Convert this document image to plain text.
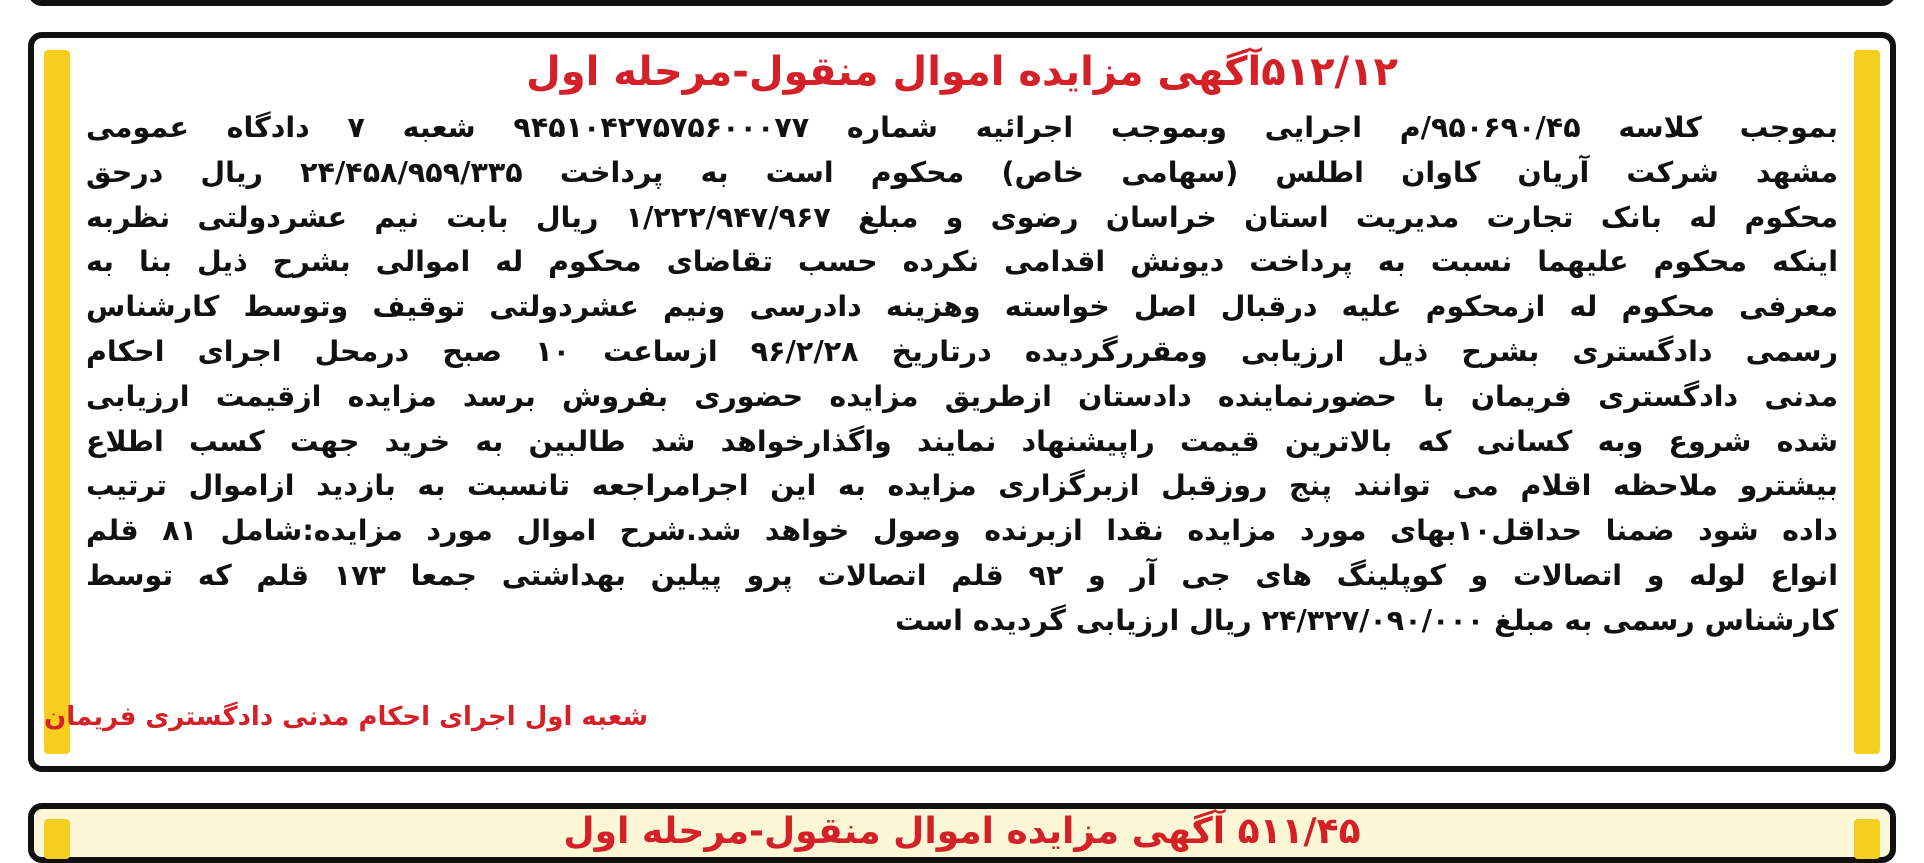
۵۱۲/۱۲آگهی مزایده اموال منقول-مرحله اول
بموجب کلاسه ۹۵۰۶۹۰/۴۵/م اجرایی وبموجب اجرائیه شماره ۹۴۵۱۰۴۲۷۵۷۵۶۰۰۰۷۷ شعبه ۷ دادگاه عمومی
مشهد شرکت آریان کاوان اطلس (سهامی خاص) محکوم است به پرداخت ۲۴/۴۵۸/۹۵۹/۳۳۵ ریال درحق
محکوم له بانک تجارت مدیریت استان خراسان رضوی و مبلغ ۱/۲۲۲/۹۴۷/۹۶۷ ریال بابت نیم عشردولتی نظربه
اینکه محکوم علیهما نسبت به پرداخت دیونش اقدامی نکرده حسب تقاضای محکوم له اموالی بشرح ذیل بنا به
معرفی محکوم له ازمحکوم علیه درقبال اصل خواسته وهزینه دادرسی ونیم عشردولتی توقیف وتوسط کارشناس
رسمی دادگستری بشرح ذیل ارزیابی ومقررگردیده درتاریخ ۹۶/۲/۲۸ ازساعت ۱۰ صبح درمحل اجرای احکام
مدنی دادگستری فریمان با حضورنماینده دادستان ازطریق مزایده حضوری بفروش برسد مزایده ازقیمت ارزیابی
شده شروع وبه کسانی که بالاترین قیمت راپیشنهاد نمایند واگذارخواهد شد طالبین به خرید جهت کسب اطلاع
بیشترو ملاحظه اقلام می توانند پنج روزقبل ازبرگزاری مزایده به این اجرامراجعه تانسبت به بازدید ازاموال ترتیب
داده شود ضمنا حداقل۱۰بهای مورد مزایده نقدا ازبرنده وصول خواهد شد.شرح اموال مورد مزایده:شامل ۸۱ قلم
انواع لوله و اتصالات و کوپلینگ های جی آر و ۹۲ قلم اتصالات پرو پیلین بهداشتی جمعا ۱۷۳ قلم که توسط
کارشناس رسمی به مبلغ ۲۴/۳۲۷/۰۹۰/۰۰۰ ریال ارزیابی گردیده است
شعبه اول اجرای احکام مدنی دادگستری فریمان
۵۱۱/۴۵ آگهی مزایده اموال منقول-مرحله اول
